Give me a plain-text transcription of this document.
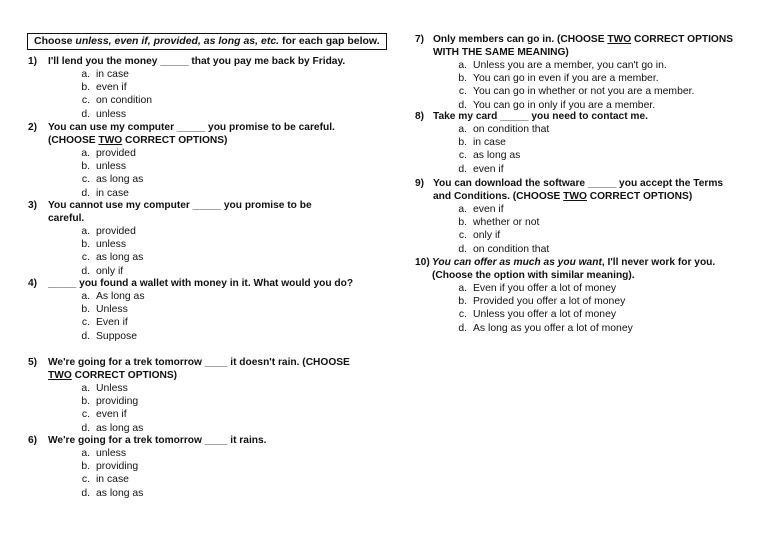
Choose unless, even if, provided, as long as, etc. for each gap below.
1)	I'll lend you the money _____ that you pay me back by Friday.
a. in case
b. even if
c. on condition
d. unless
2)	You can use my computer _____ you promise to be careful. (CHOOSE TWO CORRECT OPTIONS)
a. provided
b. unless
c. as long as
d. in case
3)	You cannot use my computer _____ you promise to be careful.
a. provided
b. unless
c. as long as
d. only if
4)	_____ you found a wallet with money in it. What would you do?
a. As long as
b. Unless
c. Even if
d. Suppose
5)	We're going for a trek tomorrow ____ it doesn't rain. (CHOOSE TWO CORRECT OPTIONS)
a. Unless
b. providing
c. even if
d. as long as
6)	We're going for a trek tomorrow ____ it rains.
a. unless
b. providing
c. in case
d. as long as
7) Only members can go in. (CHOOSE TWO CORRECT OPTIONS WITH THE SAME MEANING)
a. Unless you are a member, you can't go in.
b. You can go in even if you are a member.
c. You can go in whether or not you are a member.
d. You can go in only if you are a member.
8) Take my card _____ you need to contact me.
a. on condition that
b. in case
c. as long as
d. even if
9) You can download the software _____ you accept the Terms and Conditions. (CHOOSE TWO CORRECT OPTIONS)
a. even if
b. whether or not
c. only if
d. on condition that
10) You can offer as much as you want, I'll never work for you. (Choose the option with similar meaning).
a. Even if you offer a lot of money
b. Provided you offer a lot of money
c. Unless you offer a lot of money
d. As long as you offer a lot of money
